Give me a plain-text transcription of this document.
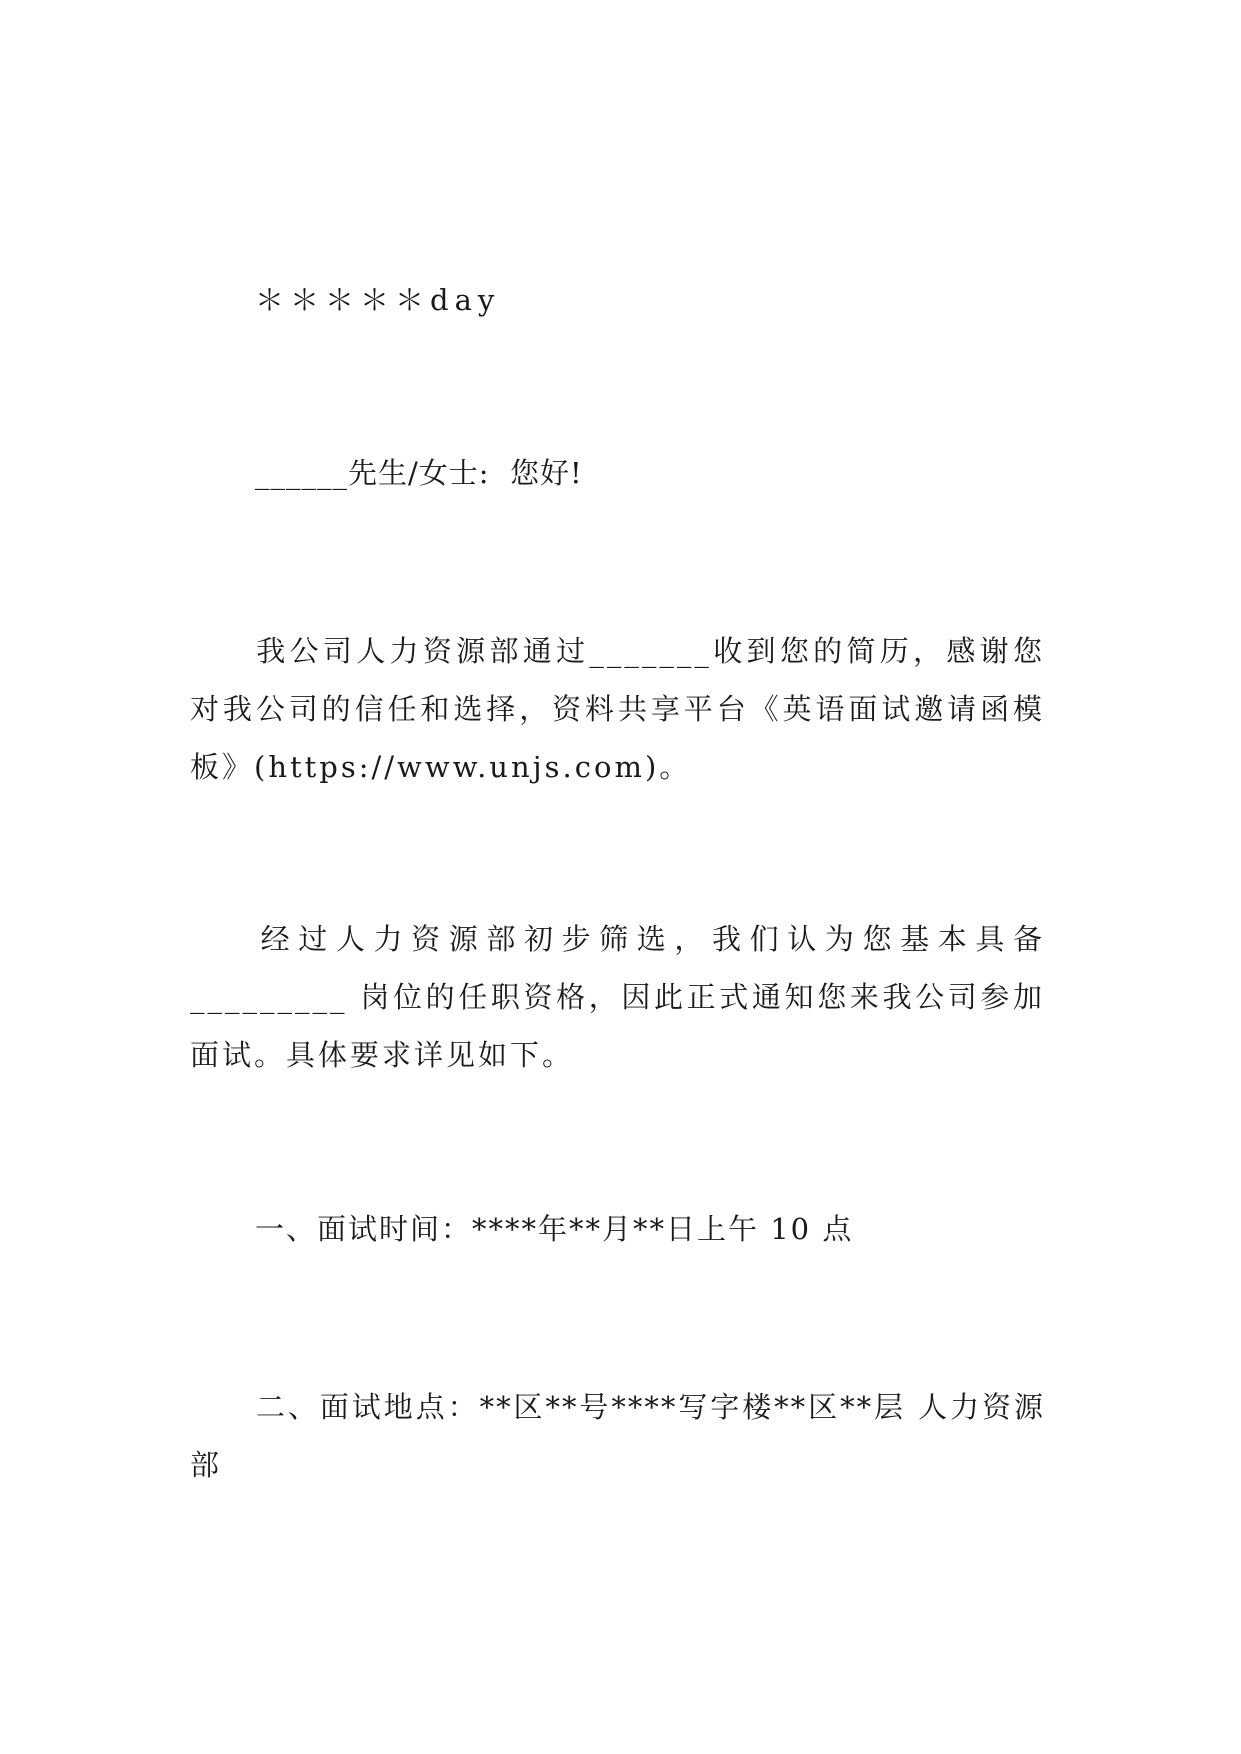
＊＊＊＊＊day
______先生/女士:  您好!
我公司人力资源部通过_______收到您的简历，感谢您对我公司的信任和选择，资料共享平台《英语面试邀请函模板》(https://www.unjs.com)。
经过人力资源部初步筛选，我们认为您基本具备_________ 岗位的任职资格，因此正式通知您来我公司参加面试。具体要求详见如下。
一、面试时间：****年**月**日上午 10 点
二、面试地点：**区**号****写字楼**区**层 人力资源部
